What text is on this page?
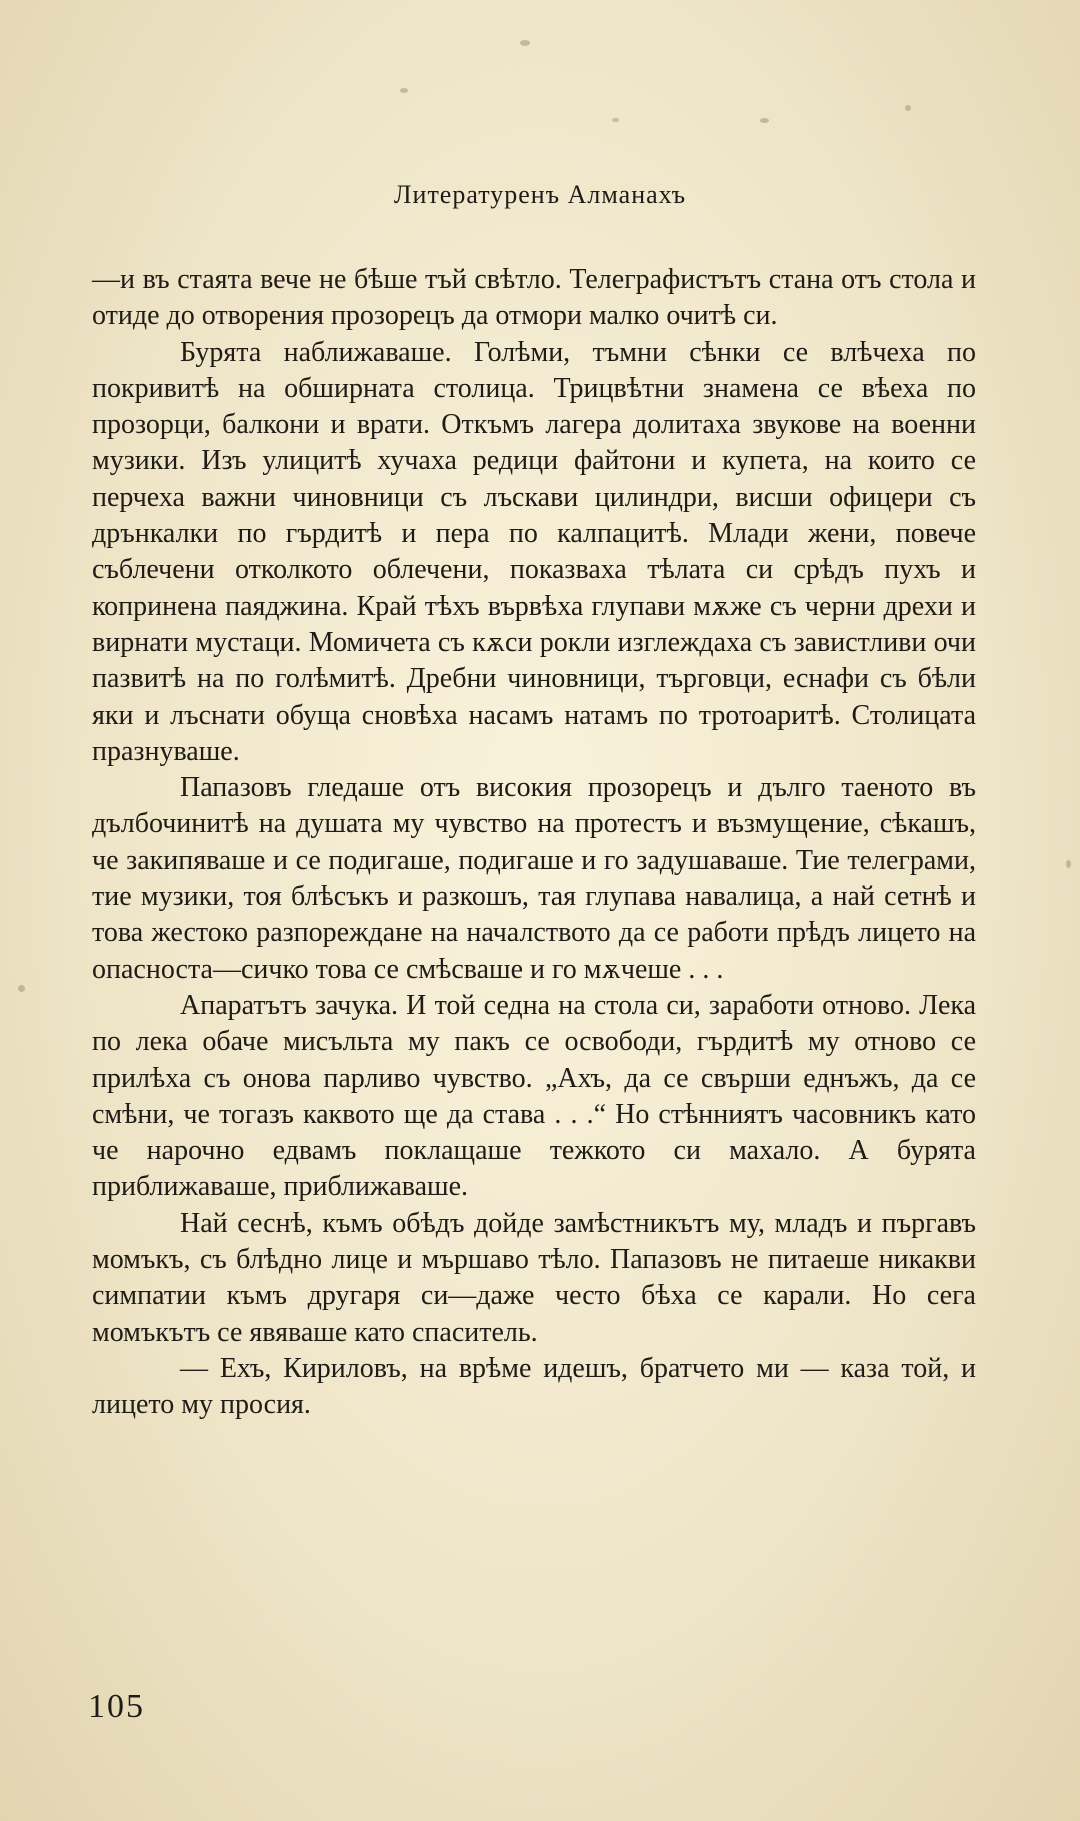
Литературенъ Алманахъ

—и въ стаята вече не бѣше тъй свѣтло. Телеграфистътъ стана отъ стола и отиде до отворения прозорецъ да отмори малко очитѣ си.

Бурята наближаваше. Голѣми, тъмни сѣнки се влѣчеха по покривитѣ на обширната столица. Трицвѣтни знамена се вѣеха по прозорци, балкони и врати. Откъмъ лагера долитаха звукове на военни музики. Изъ улицитѣ хучаха редици файтони и купета, на които се перчеха важни чиновници съ лъскави цилиндри, висши офицери съ дрънкалки по гърдитѣ и пера по калпацитѣ. Млади жени, повече съблечени отколкото облечени, показваха тѣлата си срѣдъ пухъ и копринена паяджина. Край тѣхъ вървѣха глупави мѫже съ черни дрехи и вирнати мустаци. Момичета съ кѫси рокли изглеждаха съ завистливи очи пазвитѣ на по голѣмитѣ. Дребни чиновници, търговци, еснафи съ бѣли яки и лъснати обуща сновѣха насамъ натамъ по тротоаритѣ. Столицата празнуваше.

Папазовъ гледаше отъ високия прозорецъ и дълго таеното въ дълбочинитѣ на душата му чувство на протестъ и възмущение, сѣкашъ, че закипяваше и се подигаше, подигаше и го задушаваше. Тие телеграми, тие музики, тоя блѣсъкъ и разкошъ, тая глупава навалица, а най сетнѣ и това жестоко разпореждане на началството да се работи прѣдъ лицето на опасноста—сичко това се смѣсваше и го мѫчеше . . .

Апаратътъ зачука. И той седна на стола си, заработи отново. Лека по лека обаче мисъльта му пакъ се освободи, гърдитѣ му отново се прилѣха съ онова парливо чувство. „Ахъ, да се свърши еднъжъ, да се смѣни, че тогазъ каквото ще да става . . .“ Но стѣнниятъ часовникъ като че нарочно едвамъ поклащаше тежкото си махало. А бурята приближаваше, приближаваше.

Най сеснѣ, къмъ обѣдъ дойде замѣстникътъ му, младъ и пъргавъ момъкъ, съ блѣдно лице и мършаво тѣло. Папазовъ не питаеше никакви симпатии къмъ другаря си—даже често бѣха се карали. Но сега момъкътъ се явяваше като спаситель.

— Ехъ, Кириловъ, на врѣме идешъ, братчето ми — каза той, и лицето му просия.

105
